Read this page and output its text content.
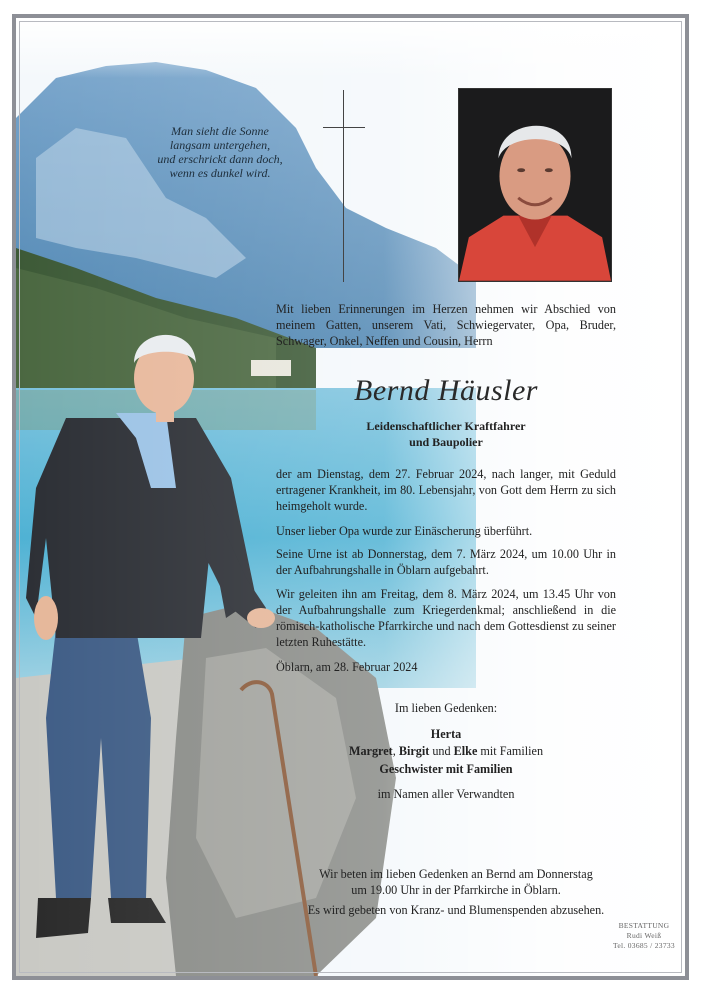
Man sieht die Sonne
langsam untergehen,
und erschrickt dann doch,
wenn es dunkel wird.
Mit lieben Erinnerungen im Herzen nehmen wir Abschied von meinem Gatten, unserem Vati, Schwiegervater, Opa, Bruder, Schwager, Onkel, Neffen und Cousin, Herrn
Bernd Häusler
Leidenschaftlicher Kraftfahrer
und Baupolier
der am Dienstag, dem 27. Februar 2024, nach langer, mit Geduld ertragener Krankheit, im 80. Lebensjahr, von Gott dem Herrn zu sich heimgeholt wurde.
Unser lieber Opa wurde zur Einäscherung überführt.
Seine Urne ist ab Donnerstag, dem 7. März 2024, um 10.00 Uhr in der Aufbahrungshalle in Öblarn aufgebahrt.
Wir geleiten ihn am Freitag, dem 8. März 2024, um 13.45 Uhr von der Aufbahrungshalle zum Kriegerdenkmal; anschließend in die römisch-katholische Pfarrkirche und nach dem Gottesdienst zu seiner letzten Ruhestätte.
Öblarn, am 28. Februar 2024
Im lieben Gedenken:
Herta
Margret, Birgit und Elke mit Familien
Geschwister mit Familien
im Namen aller Verwandten
Wir beten im lieben Gedenken an Bernd am Donnerstag
um 19.00 Uhr in der Pfarrkirche in Öblarn.
Es wird gebeten von Kranz- und Blumenspenden abzusehen.
BESTATTUNG
Rudi Weiß
Tel. 03685 / 23733
